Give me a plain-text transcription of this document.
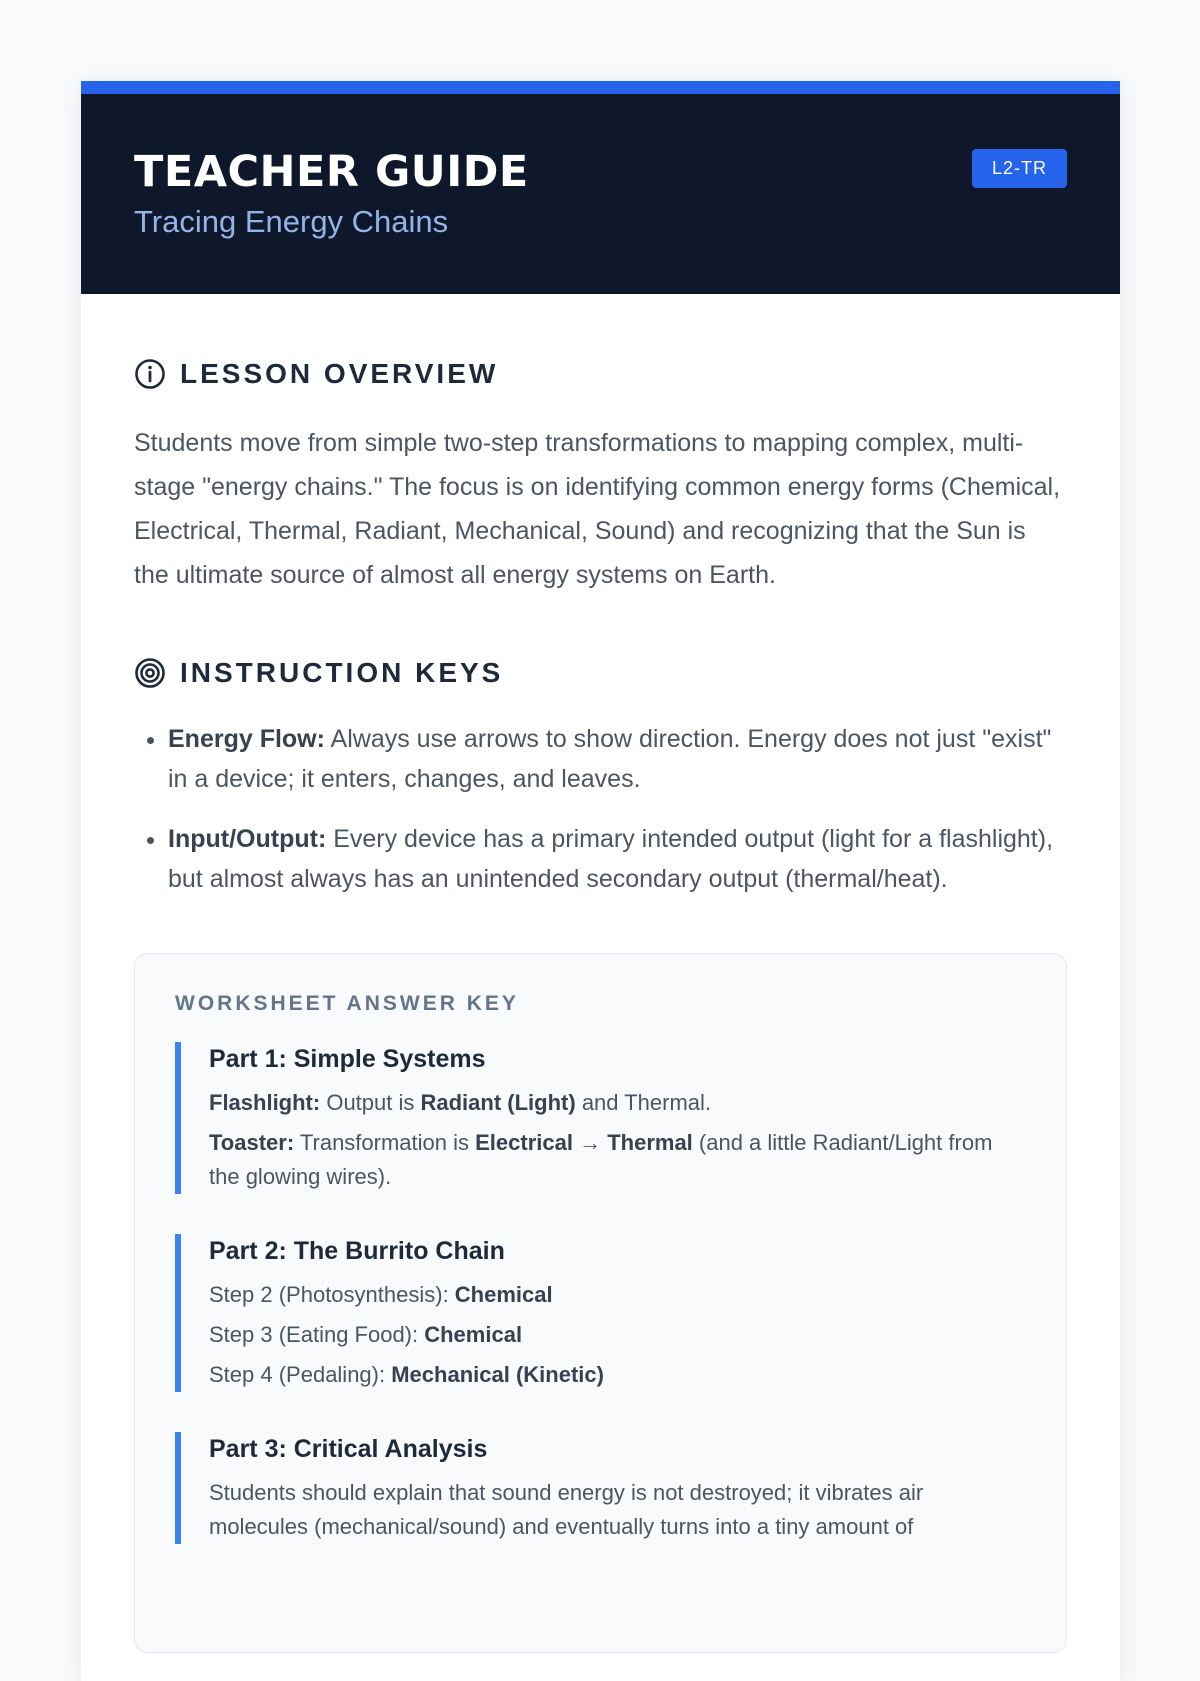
TEACHER GUIDE
Tracing Energy Chains
L2-TR
LESSON OVERVIEW

Students move from simple two-step transformations to mapping complex, multi-stage "energy chains." The focus is on identifying common energy forms (Chemical, Electrical, Thermal, Radiant, Mechanical, Sound) and recognizing that the Sun is the ultimate source of almost all energy systems on Earth.

INSTRUCTION KEYS
• Energy Flow: Always use arrows to show direction. Energy does not just "exist" in a device; it enters, changes, and leaves.
• Input/Output: Every device has a primary intended output (light for a flashlight), but almost always has an unintended secondary output (thermal/heat).
WORKSHEET ANSWER KEY
Part 1: Simple Systems
Flashlight: Output is Radiant (Light) and Thermal.
Toaster: Transformation is Electrical → Thermal (and a little Radiant/Light from the glowing wires).
Part 2: The Burrito Chain
Step 2 (Photosynthesis): Chemical
Step 3 (Eating Food): Chemical
Step 4 (Pedaling): Mechanical (Kinetic)
Part 3: Critical Analysis
Students should explain that sound energy is not destroyed; it vibrates air molecules (mechanical/sound) and eventually turns into a tiny amount of
